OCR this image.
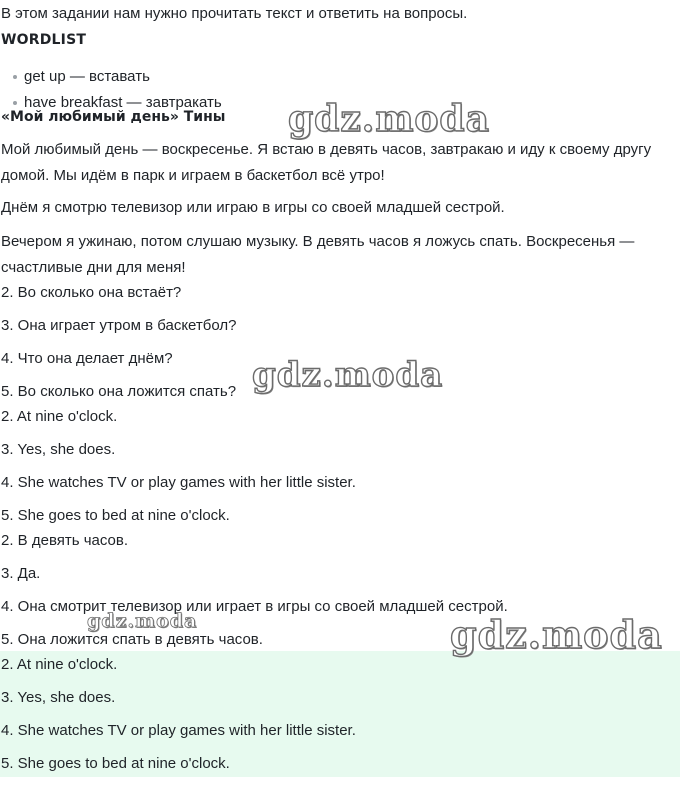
В этом задании нам нужно прочитать текст и ответить на вопросы.
WORDLIST
get up — вставать
have breakfast — завтракать
«Мой любимый день» Тины
Мой любимый день — воскресенье. Я встаю в девять часов, завтракаю и иду к своему другу домой. Мы идём в парк и играем в баскетбол всё утро!
Днём я смотрю телевизор или играю в игры со своей младшей сестрой.
Вечером я ужинаю, потом слушаю музыку. В девять часов я ложусь спать. Воскресенья — счастливые дни для меня!
2. Во сколько она встаёт?
3. Она играет утром в баскетбол?
4. Что она делает днём?
5. Во сколько она ложится спать?
2. At nine o'clock.
3. Yes, she does.
4. She watches TV or play games with her little sister.
5. She goes to bed at nine o'clock.
2. В девять часов.
3. Да.
4. Она смотрит телевизор или играет в игры со своей младшей сестрой.
5. Она ложится спать в девять часов.
2. At nine o'clock.
3. Yes, she does.
4. She watches TV or play games with her little sister.
5. She goes to bed at nine o'clock.
gdz.moda
gdz.moda
gdz.moda
gdz.moda
